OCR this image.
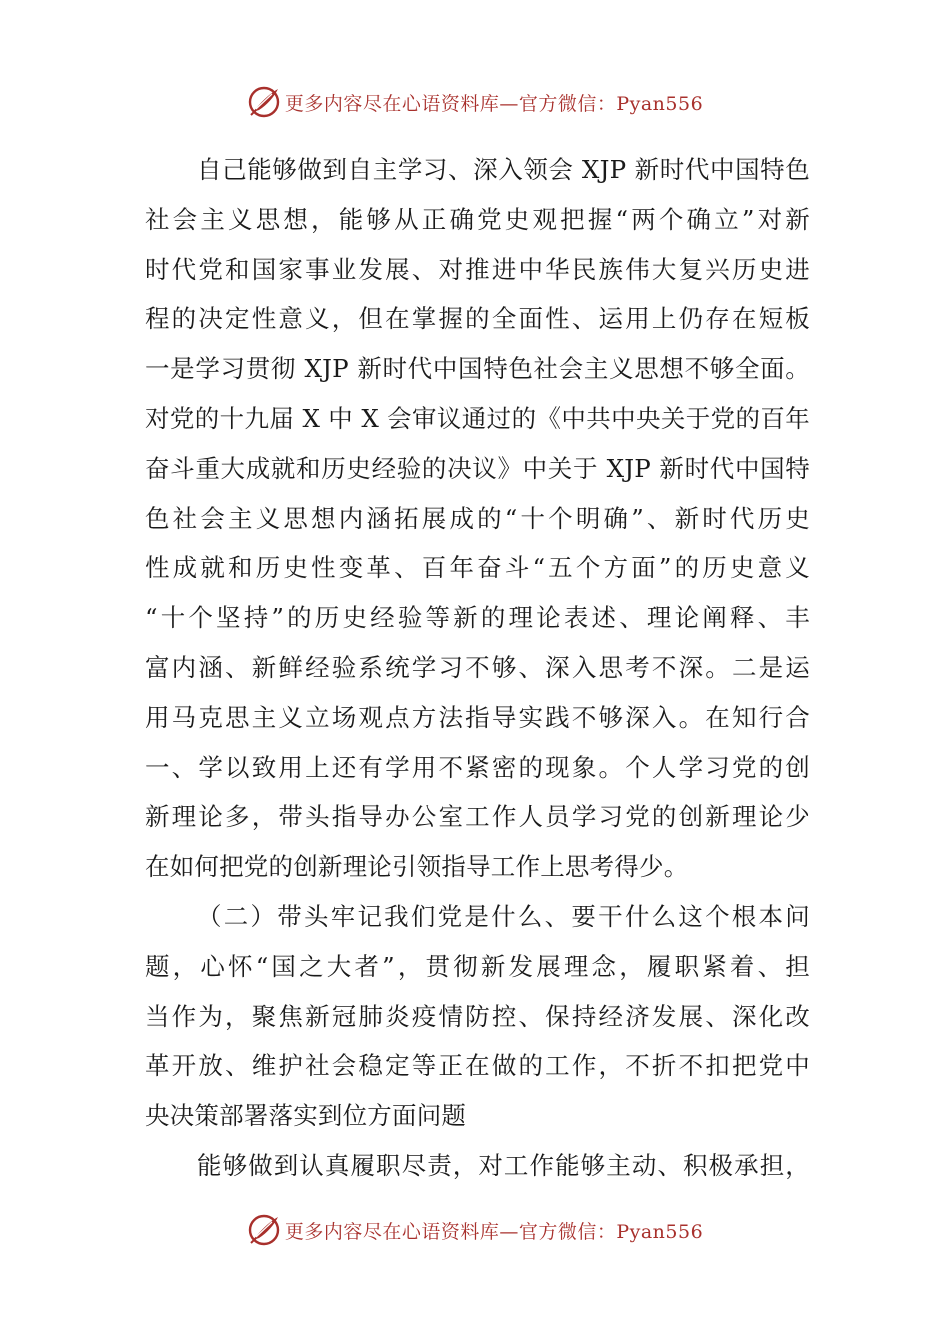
更多内容尽在心语资料库—官方微信：Pyan556
自己能够做到自主学习、深入领会 XJP 新时代中国特色
社会主义思想，能够从正确党史观把握“两个确立”对新
时代党和国家事业发展、对推进中华民族伟大复兴历史进
程的决定性意义，但在掌握的全面性、运用上仍存在短板
一是学习贯彻 XJP 新时代中国特色社会主义思想不够全面。
对党的十九届 X 中 X 会审议通过的《中共中央关于党的百年
奋斗重大成就和历史经验的决议》中关于 XJP 新时代中国特
色社会主义思想内涵拓展成的“十个明确”、新时代历史
性成就和历史性变革、百年奋斗“五个方面”的历史意义
“十个坚持”的历史经验等新的理论表述、理论阐释、丰
富内涵、新鲜经验系统学习不够、深入思考不深。二是运
用马克思主义立场观点方法指导实践不够深入。在知行合
一、学以致用上还有学用不紧密的现象。个人学习党的创
新理论多，带头指导办公室工作人员学习党的创新理论少
在如何把党的创新理论引领指导工作上思考得少。
（二）带头牢记我们党是什么、要干什么这个根本问
题，心怀“国之大者”，贯彻新发展理念，履职紧着、担
当作为，聚焦新冠肺炎疫情防控、保持经济发展、深化改
革开放、维护社会稳定等正在做的工作，不折不扣把党中
央决策部署落实到位方面问题
能够做到认真履职尽责，对工作能够主动、积极承担，
更多内容尽在心语资料库—官方微信：Pyan556
